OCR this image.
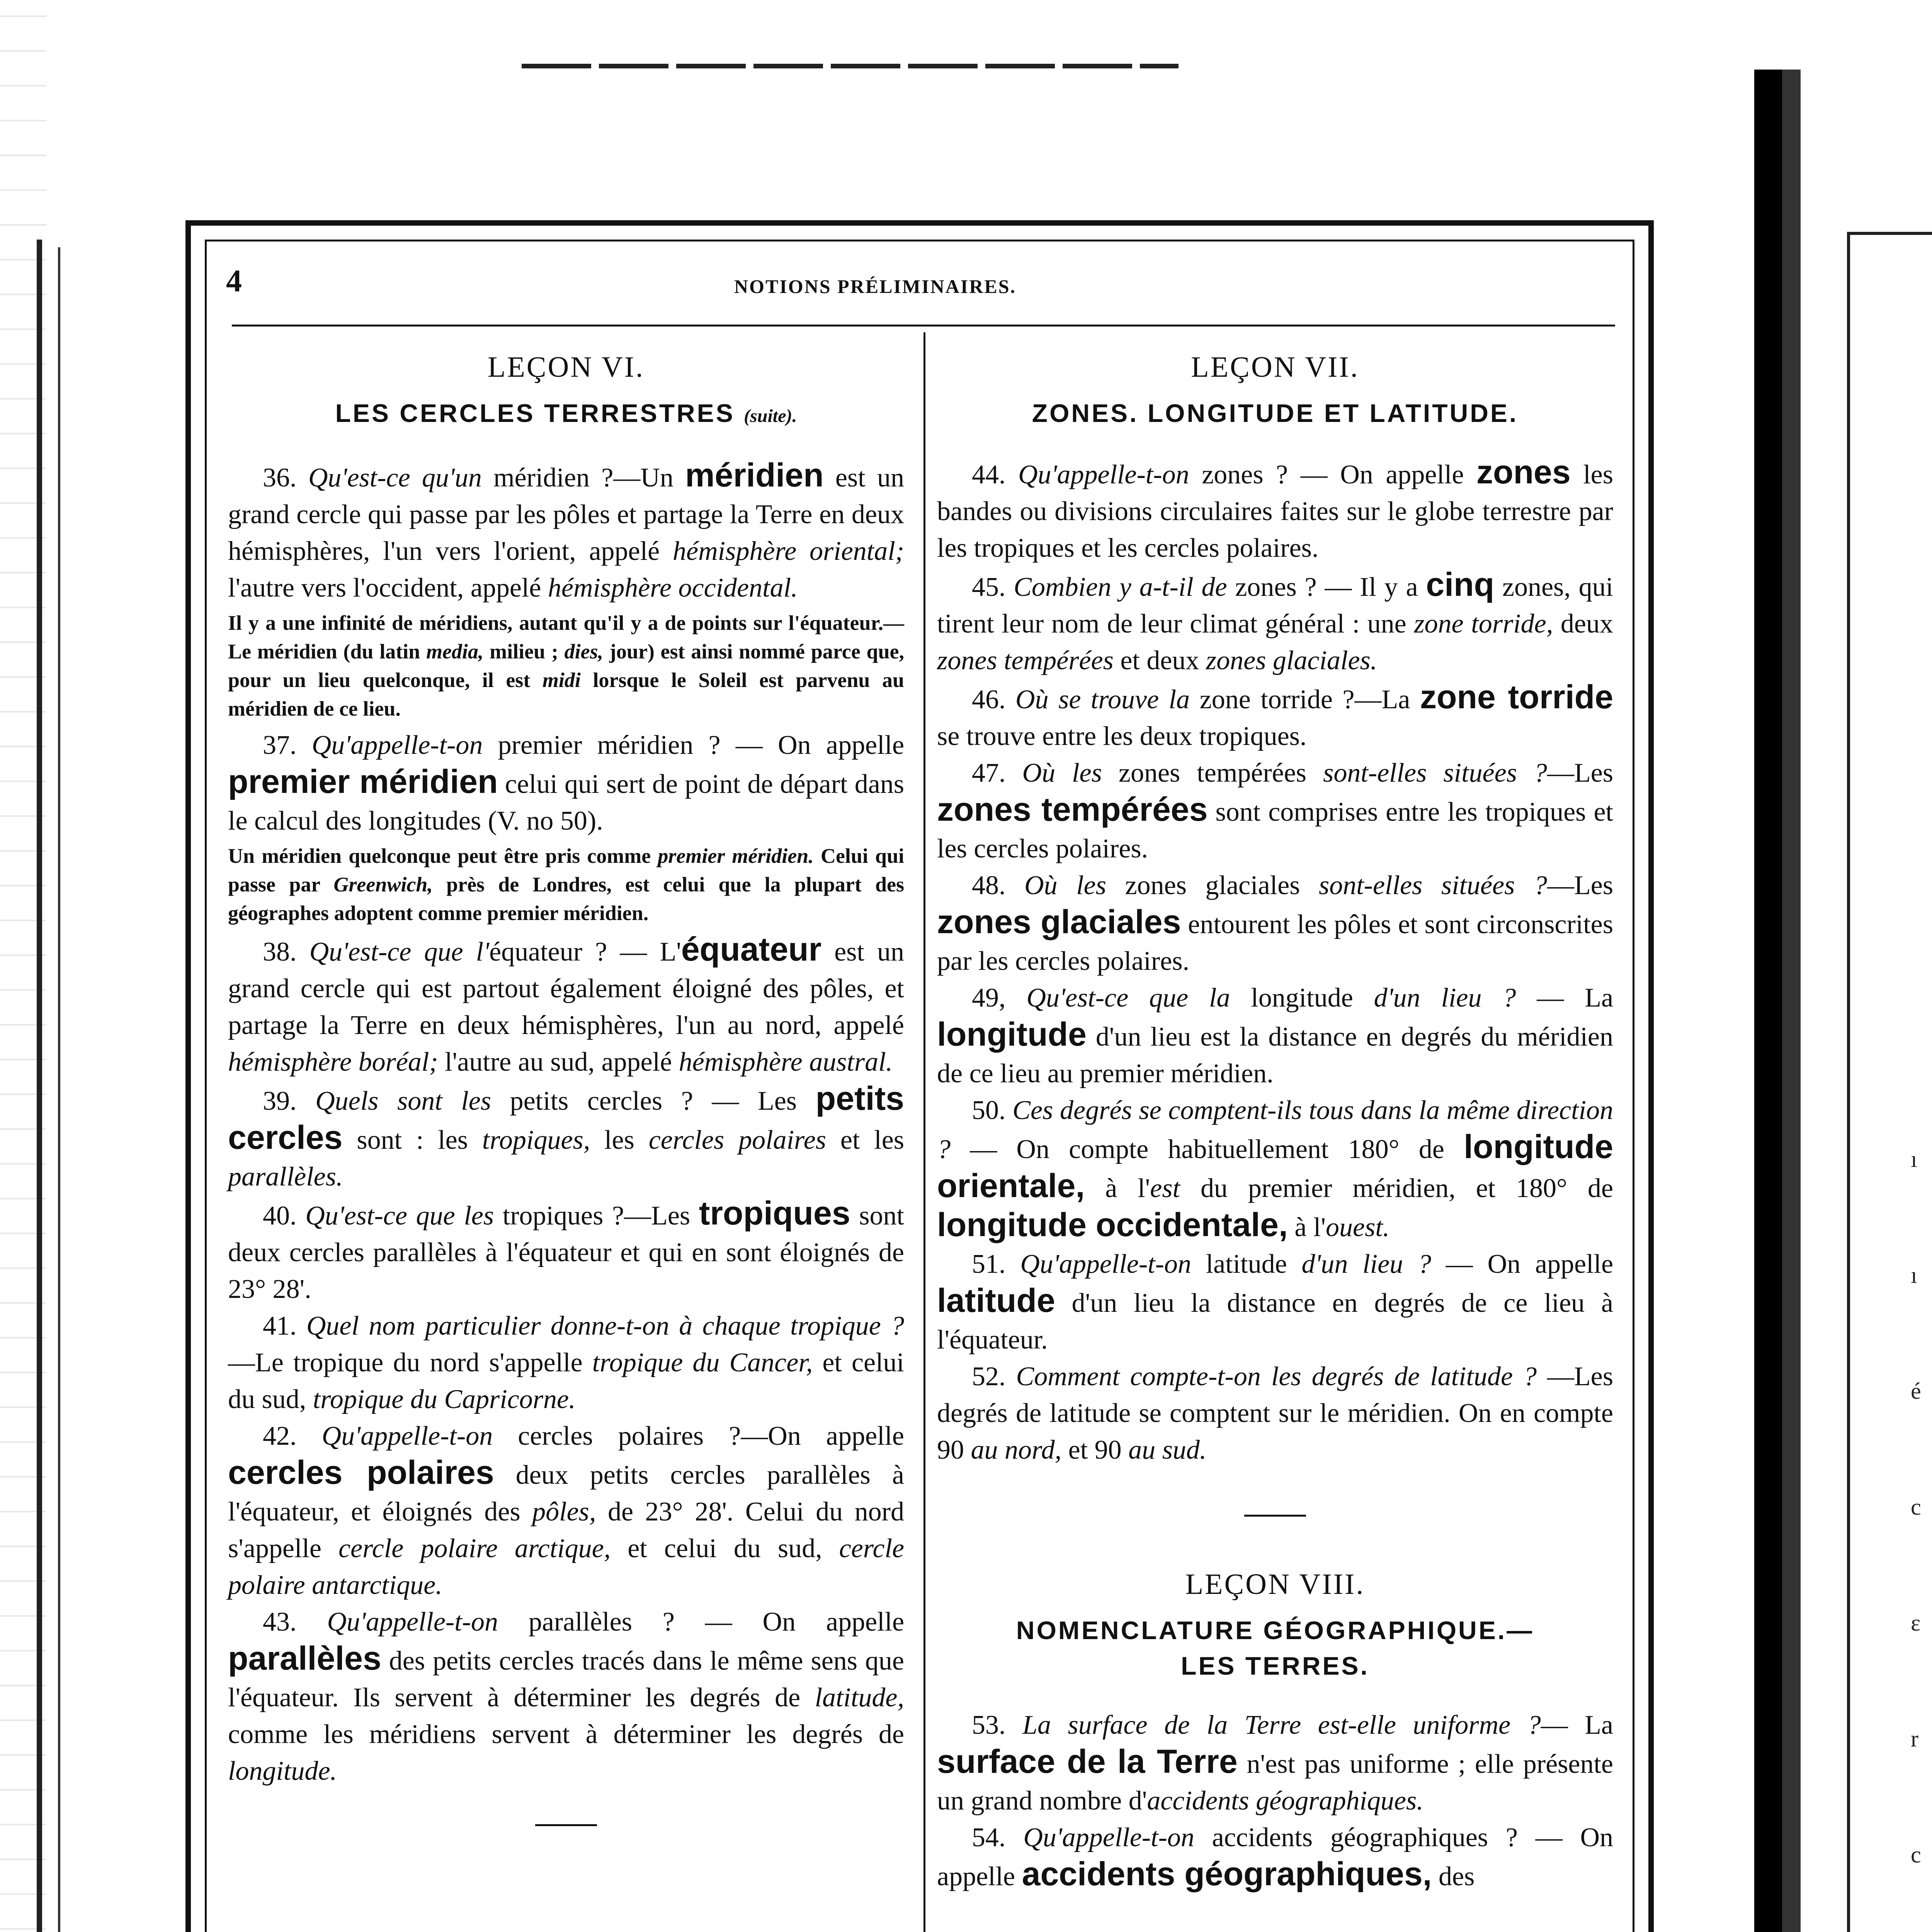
ı
ı
é
c
ɛ
r
c
4	NOTIONS PRÉLIMINAIRES.
LEÇON VI.
LES CERCLES TERRESTRES (suite).

36. Qu'est-ce qu'un méridien ?—Un méridien est un grand cercle qui passe par les pôles et partage la Terre en deux hémisphères, l'un vers l'orient, appelé hémisphère oriental; l'autre vers l'occident, appelé hémisphère occidental.

Il y a une infinité de méridiens, autant qu'il y a de points sur l'équateur.—Le méridien (du latin media, milieu ; dies, jour) est ainsi nommé parce que, pour un lieu quelconque, il est midi lorsque le Soleil est parvenu au méridien de ce lieu.

37. Qu'appelle-t-on premier méridien ? — On appelle premier méridien celui qui sert de point de départ dans le calcul des longitudes (V. no 50).

Un méridien quelconque peut être pris comme premier méridien. Celui qui passe par Greenwich, près de Londres, est celui que la plupart des géographes adoptent comme premier méridien.

38. Qu'est-ce que l'équateur ? — L'équateur est un grand cercle qui est partout également éloigné des pôles, et partage la Terre en deux hémisphères, l'un au nord, appelé hémisphère boréal; l'autre au sud, appelé hémisphère austral.

39. Quels sont les petits cercles ? — Les petits cercles sont : les tropiques, les cercles polaires et les parallèles.

40. Qu'est-ce que les tropiques ?—Les tropiques sont deux cercles parallèles à l'équateur et qui en sont éloignés de 23° 28'.

41. Quel nom particulier donne-t-on à chaque tropique ?—Le tropique du nord s'appelle tropique du Cancer, et celui du sud, tropique du Capricorne.

42. Qu'appelle-t-on cercles polaires ?—On appelle cercles polaires deux petits cercles parallèles à l'équateur, et éloignés des pôles, de 23° 28'. Celui du nord s'appelle cercle polaire arctique, et celui du sud, cercle polaire antarctique.

43. Qu'appelle-t-on parallèles ? — On appelle parallèles des petits cercles tracés dans le même sens que l'équateur. Ils servent à déterminer les degrés de latitude, comme les méridiens servent à déterminer les degrés de longitude.

LEÇON VII.
ZONES. LONGITUDE ET LATITUDE.

44. Qu'appelle-t-on zones ? — On appelle zones les bandes ou divisions circulaires faites sur le globe terrestre par les tropiques et les cercles polaires.

45. Combien y a-t-il de zones ? — Il y a cinq zones, qui tirent leur nom de leur climat général : une zone torride, deux zones tempérées et deux zones glaciales.

46. Où se trouve la zone torride ?—La zone torride se trouve entre les deux tropiques.

47. Où les zones tempérées sont-elles situées ?—Les zones tempérées sont comprises entre les tropiques et les cercles polaires.

48. Où les zones glaciales sont-elles situées ?—Les zones glaciales entourent les pôles et sont circonscrites par les cercles polaires.

49, Qu'est-ce que la longitude d'un lieu ? — La longitude d'un lieu est la distance en degrés du méridien de ce lieu au premier méridien.

50. Ces degrés se comptent-ils tous dans la même direction ? — On compte habituellement 180° de longitude orientale, à l'est du premier méridien, et 180° de longitude occidentale, à l'ouest.

51. Qu'appelle-t-on latitude d'un lieu ? — On appelle latitude d'un lieu la distance en degrés de ce lieu à l'équateur.

52. Comment compte-t-on les degrés de latitude ? —Les degrés de latitude se comptent sur le méridien. On en compte 90 au nord, et 90 au sud.

LEÇON VIII.
NOMENCLATURE GÉOGRAPHIQUE.—
LES TERRES.

53. La surface de la Terre est-elle uniforme ?— La surface de la Terre n'est pas uniforme ; elle présente un grand nombre d'accidents géographiques.

54. Qu'appelle-t-on accidents géographiques ? — On appelle accidents géographiques, des
